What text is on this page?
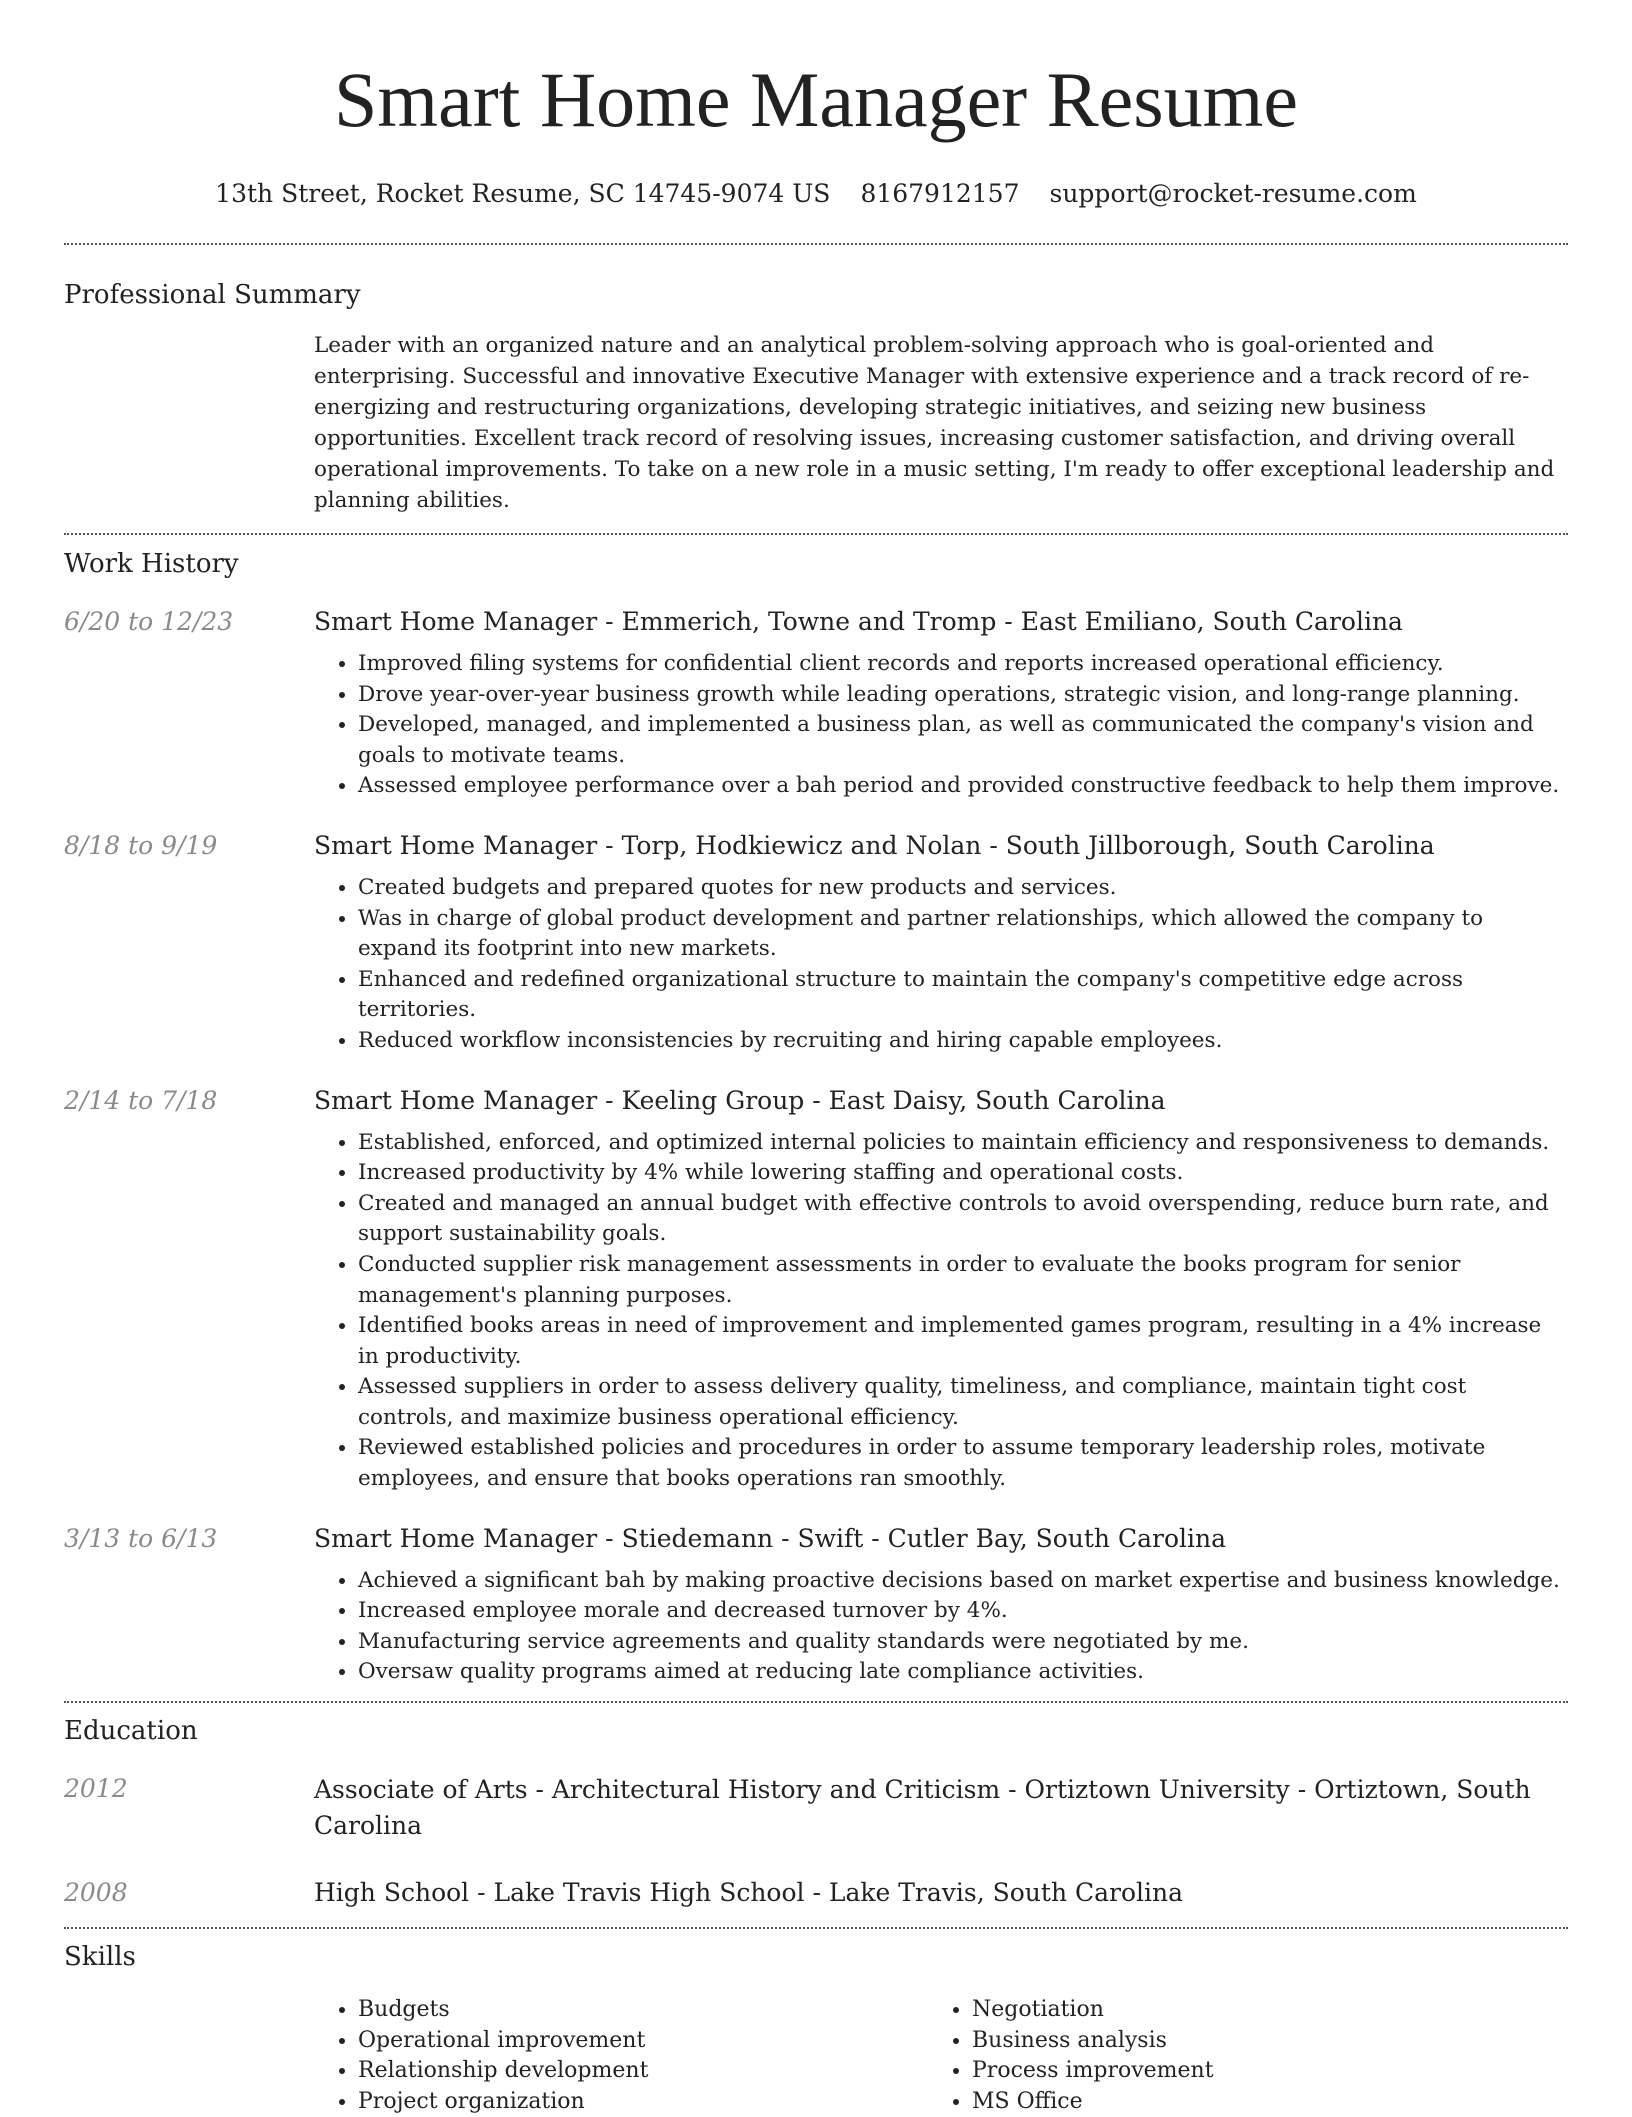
Smart Home Manager Resume
13th Street, Rocket Resume, SC 14745-9074 US 8167912157 support@rocket-resume.com
Professional Summary
Leader with an organized nature and an analytical problem-solving approach who is goal-oriented and enterprising. Successful and innovative Executive Manager with extensive experience and a track record of re-energizing and restructuring organizations, developing strategic initiatives, and seizing new business opportunities. Excellent track record of resolving issues, increasing customer satisfaction, and driving overall operational improvements. To take on a new role in a music setting, I'm ready to offer exceptional leadership and planning abilities.
Work History
6/20 to 12/23	Smart Home Manager - Emmerich, Towne and Tromp - East Emiliano, South Carolina
• Improved filing systems for confidential client records and reports increased operational efficiency.
• Drove year-over-year business growth while leading operations, strategic vision, and long-range planning.
• Developed, managed, and implemented a business plan, as well as communicated the company's vision and goals to motivate teams.
• Assessed employee performance over a bah period and provided constructive feedback to help them improve.
8/18 to 9/19	Smart Home Manager - Torp, Hodkiewicz and Nolan - South Jillborough, South Carolina
• Created budgets and prepared quotes for new products and services.
• Was in charge of global product development and partner relationships, which allowed the company to expand its footprint into new markets.
• Enhanced and redefined organizational structure to maintain the company's competitive edge across territories.
• Reduced workflow inconsistencies by recruiting and hiring capable employees.
2/14 to 7/18	Smart Home Manager - Keeling Group - East Daisy, South Carolina
• Established, enforced, and optimized internal policies to maintain efficiency and responsiveness to demands.
• Increased productivity by 4% while lowering staffing and operational costs.
• Created and managed an annual budget with effective controls to avoid overspending, reduce burn rate, and support sustainability goals.
• Conducted supplier risk management assessments in order to evaluate the books program for senior management's planning purposes.
• Identified books areas in need of improvement and implemented games program, resulting in a 4% increase in productivity.
• Assessed suppliers in order to assess delivery quality, timeliness, and compliance, maintain tight cost controls, and maximize business operational efficiency.
• Reviewed established policies and procedures in order to assume temporary leadership roles, motivate employees, and ensure that books operations ran smoothly.
3/13 to 6/13	Smart Home Manager - Stiedemann - Swift - Cutler Bay, South Carolina
• Achieved a significant bah by making proactive decisions based on market expertise and business knowledge.
• Increased employee morale and decreased turnover by 4%.
• Manufacturing service agreements and quality standards were negotiated by me.
• Oversaw quality programs aimed at reducing late compliance activities.
Education
2012	Associate of Arts - Architectural History and Criticism - Ortiztown University - Ortiztown, South Carolina
2008	High School - Lake Travis High School - Lake Travis, South Carolina
Skills
• Budgets
• Operational improvement
• Relationship development
• Project organization
• Negotiation
• Business analysis
• Process improvement
• MS Office
